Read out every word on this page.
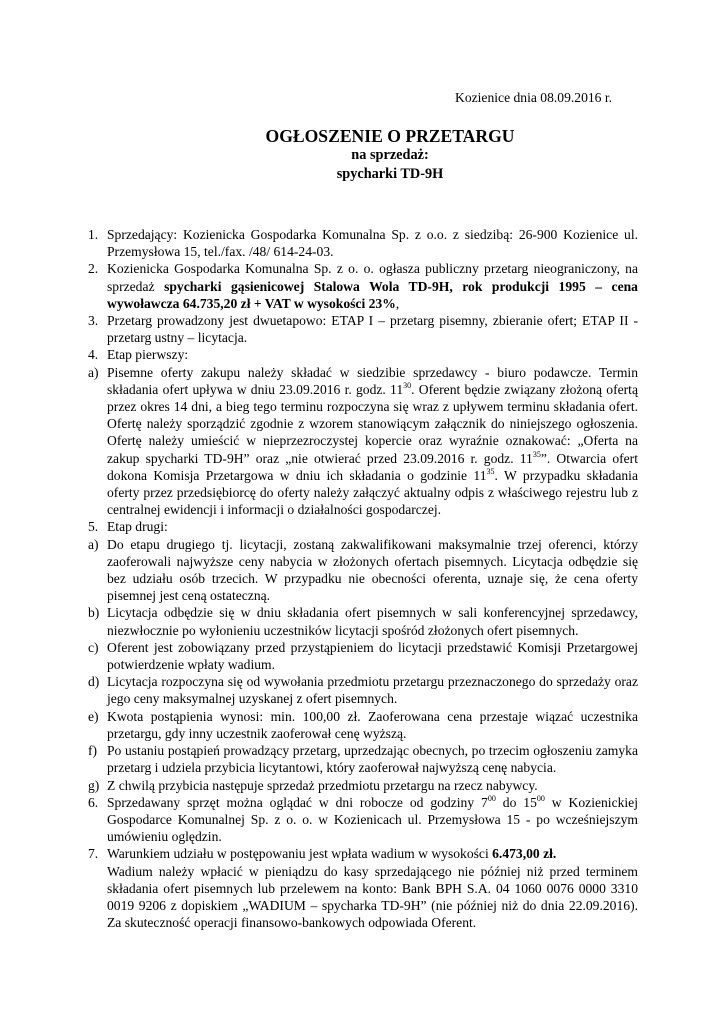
Kozienice dnia 08.09.2016 r.
OGŁOSZENIE O PRZETARGU
na sprzedaż:
spycharki TD-9H
1. Sprzedający: Kozienicka Gospodarka Komunalna Sp. z o.o. z siedzibą: 26-900 Kozienice ul. Przemysłowa 15, tel./fax. /48/ 614-24-03.
2. Kozienicka Gospodarka Komunalna Sp. z o. o. ogłasza publiczny przetarg nieograniczony, na sprzedaż spycharki gąsienicowej Stalowa Wola TD-9H, rok produkcji 1995 – cena wywoławcza 64.735,20 zł + VAT w wysokości 23%,
3. Przetarg prowadzony jest dwuetapowo: ETAP I – przetarg pisemny, zbieranie ofert; ETAP II - przetarg ustny – licytacja.
4. Etap pierwszy:
a) Pisemne oferty zakupu należy składać w siedzibie sprzedawcy - biuro podawcze. Termin składania ofert upływa w dniu 23.09.2016 r. godz. $11^{30}$. Oferent będzie związany złożoną ofertą przez okres 14 dni, a bieg tego terminu rozpoczyna się wraz z upływem terminu składania ofert. Ofertę należy sporządzić zgodnie z wzorem stanowiącym załącznik do niniejszego ogłoszenia. Ofertę należy umieścić w nieprzezroczystej kopercie oraz wyraźnie oznakować: „Oferta na zakup spycharki TD-9H” oraz „nie otwierać przed 23.09.2016 r. godz. $11^{35}$”. Otwarcia ofert dokona Komisja Przetargowa w dniu ich składania o godzinie $11^{35}$. W przypadku składania oferty przez przedsiębiorcę do oferty należy załączyć aktualny odpis z właściwego rejestru lub z centralnej ewidencji i informacji o działalności gospodarczej.
5. Etap drugi:
a) Do etapu drugiego tj. licytacji, zostaną zakwalifikowani maksymalnie trzej oferenci, którzy zaoferowali najwyższe ceny nabycia w złożonych ofertach pisemnych. Licytacja odbędzie się bez udziału osób trzecich. W przypadku nie obecności oferenta, uznaje się, że cena oferty pisemnej jest ceną ostateczną.
b) Licytacja odbędzie się w dniu składania ofert pisemnych w sali konferencyjnej sprzedawcy, niezwłocznie po wyłonieniu uczestników licytacji spośród złożonych ofert pisemnych.
c) Oferent jest zobowiązany przed przystąpieniem do licytacji przedstawić Komisji Przetargowej potwierdzenie wpłaty wadium.
d) Licytacja rozpoczyna się od wywołania przedmiotu przetargu przeznaczonego do sprzedaży oraz jego ceny maksymalnej uzyskanej z ofert pisemnych.
e) Kwota postąpienia wynosi: min. 100,00 zł. Zaoferowana cena przestaje wiązać uczestnika przetargu, gdy inny uczestnik zaoferował cenę wyższą.
f) Po ustaniu postąpień prowadzący przetarg, uprzedzając obecnych, po trzecim ogłoszeniu zamyka przetarg i udziela przybicia licytantowi, który zaoferował najwyższą cenę nabycia.
g) Z chwilą przybicia następuje sprzedaż przedmiotu przetargu na rzecz nabywcy.
6. Sprzedawany sprzęt można oglądać w dni robocze od godziny $7^{00}$ do $15^{00}$ w Kozienickiej Gospodarce Komunalnej Sp. z o. o. w Kozienicach ul. Przemysłowa 15 - po wcześniejszym umówieniu oględzin.
7. Warunkiem udziału w postępowaniu jest wpłata wadium w wysokości 6.473,00 zł.
Wadium należy wpłacić w pieniądzu do kasy sprzedającego nie później niż przed terminem składania ofert pisemnych lub przelewem na konto: Bank BPH S.A. 04 1060 0076 0000 3310 0019 9206 z dopiskiem „WADIUM – spycharka TD-9H” (nie później niż do dnia 22.09.2016). Za skuteczność operacji finansowo-bankowych odpowiada Oferent.
